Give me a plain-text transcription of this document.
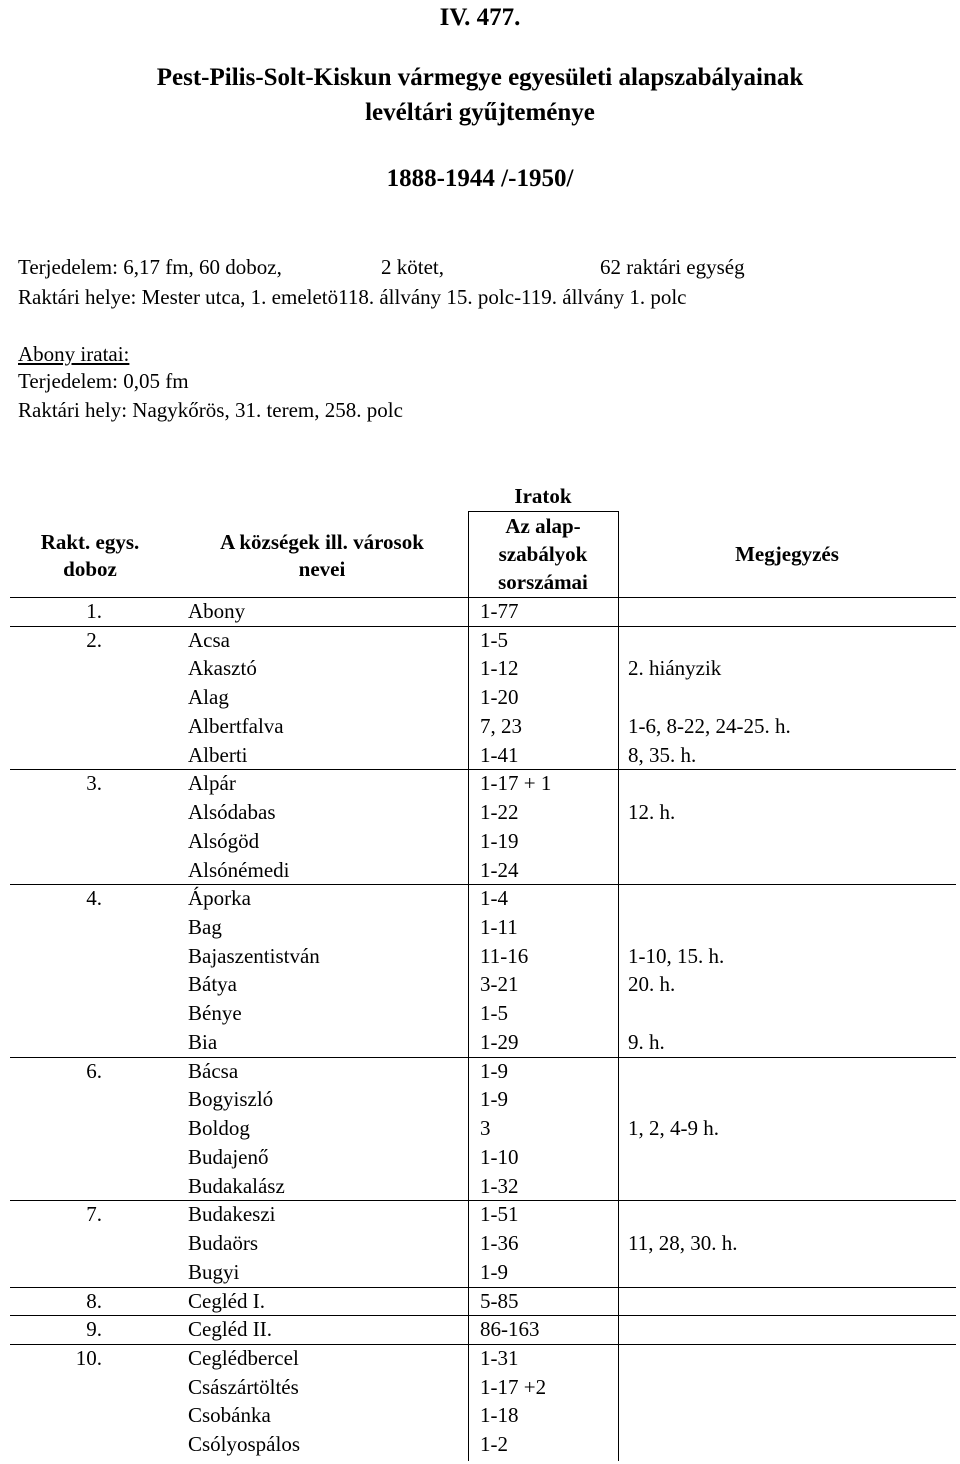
IV. 477.
Pest-Pilis-Solt-Kiskun vármegye egyesületi alapszabályainak
levéltári gyűjteménye
1888-1944 /-1950/
Terjedelem: 6,17 fm, 60 doboz,	2 kötet,	62 raktári egység
Raktári helye: Mester utca, 1. emeletö118. állvány 15. polc-119. állvány 1. polc
Abony iratai:
Terjedelem: 0,05 fm
Raktári hely: Nagykőrös, 31. terem, 258. polc
Iratok
Rakt. egys.
doboz
A községek ill. városok
nevei
Az alap-
szabályok
sorszámai
Megjegyzés
1.	Abony	1-77
2.	Acsa	1-5
Akasztó	1-12	2. hiányzik
Alag	1-20
Albertfalva	7, 23	1-6, 8-22, 24-25. h.
Alberti	1-41	8, 35. h.
3.	Alpár	1-17 + 1
Alsódabas	1-22	12. h.
Alsógöd	1-19
Alsónémedi	1-24
4.	Áporka	1-4
Bag	1-11
Bajaszentistván	11-16	1-10, 15. h.
Bátya	3-21	20. h.
Bénye	1-5
Bia	1-29	9. h.
6.	Bácsa	1-9
Bogyiszló	1-9
Boldog	3	1, 2, 4-9 h.
Budajenő	1-10
Budakalász	1-32
7.	Budakeszi	1-51
Budaörs	1-36	11, 28, 30. h.
Bugyi	1-9
8.	Cegléd I.	5-85
9.	Cegléd II.	86-163
10.	Ceglédbercel	1-31
Császártöltés	1-17 +2
Csobánka	1-18
Csólyospálos	1-2
